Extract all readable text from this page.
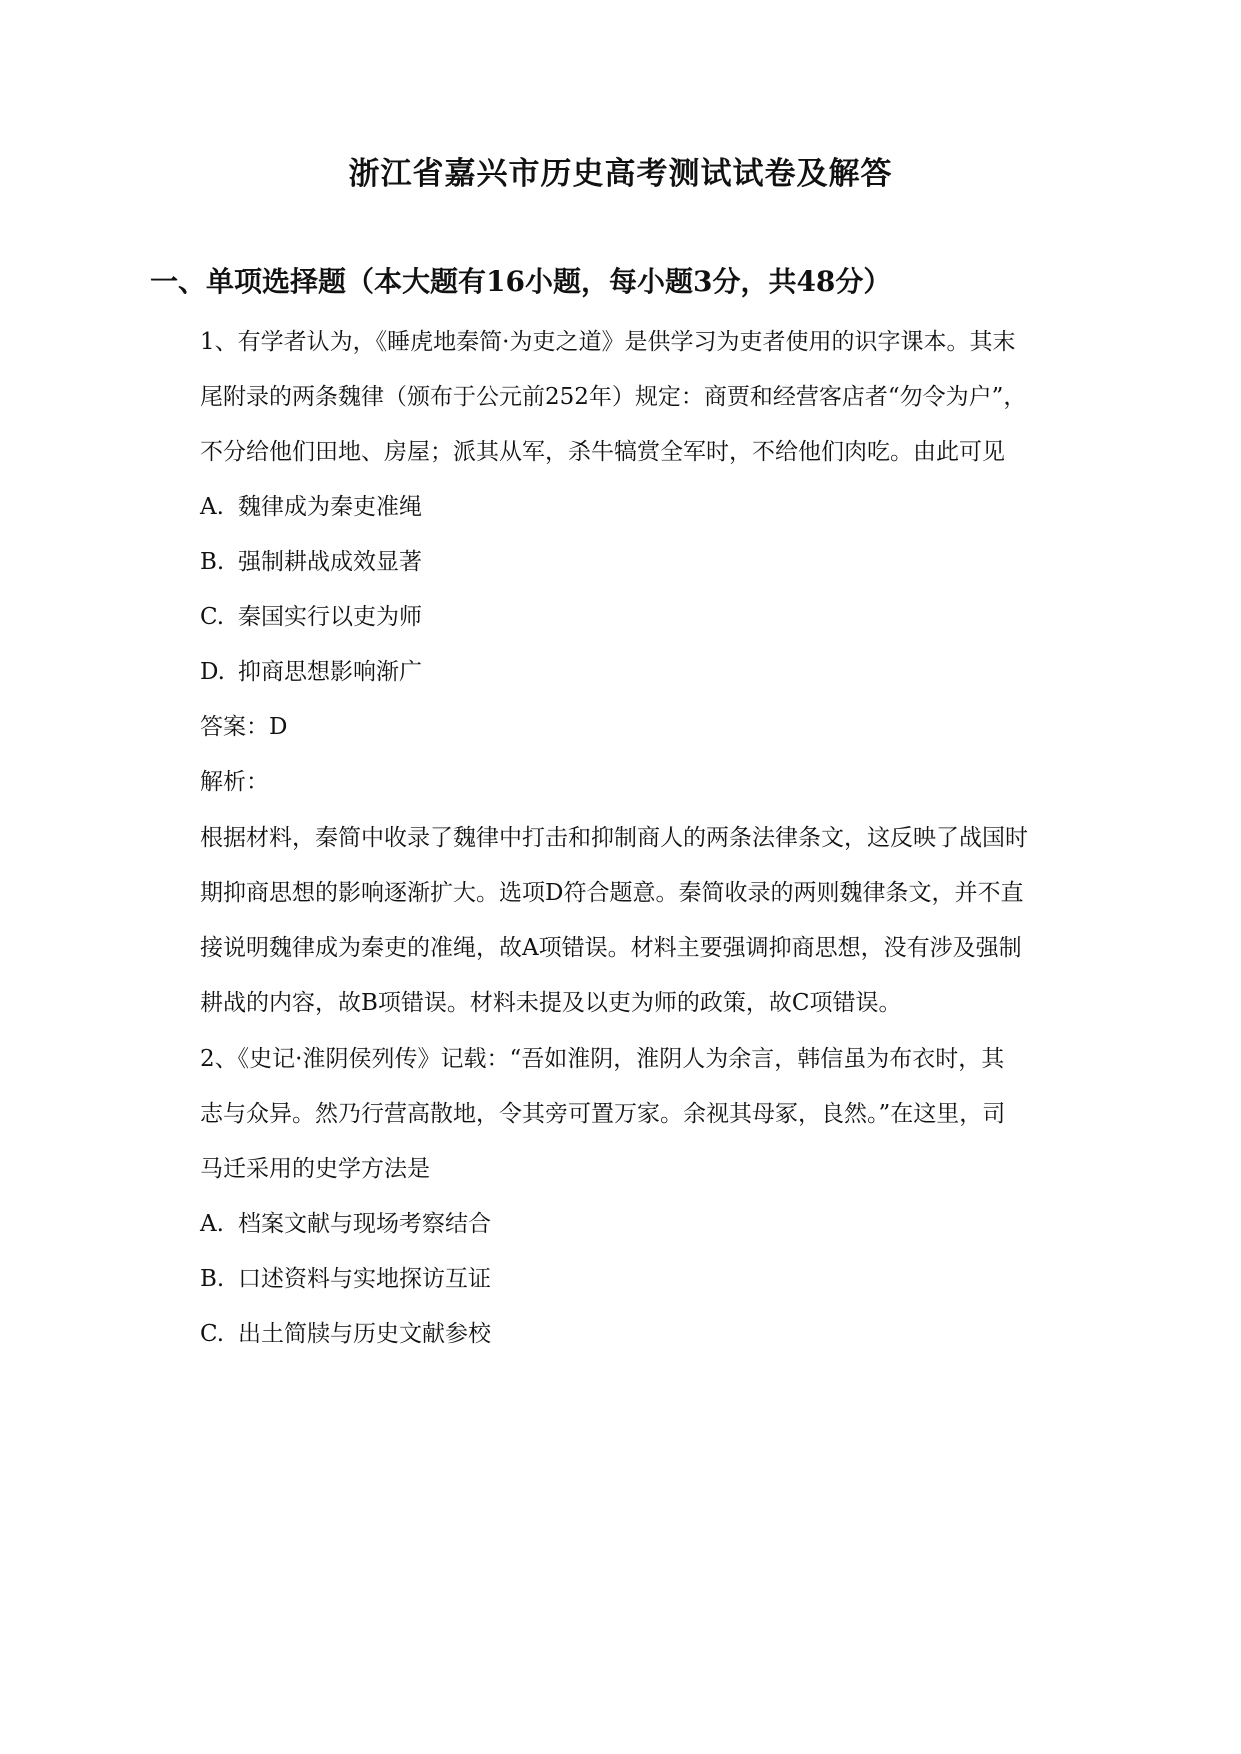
浙江省嘉兴市历史高考测试试卷及解答
一、单项选择题（本大题有16小题，每小题3分，共48分）
1、有学者认为，《睡虎地秦简·为吏之道》是供学习为吏者使用的识字课本。其末
尾附录的两条魏律（颁布于公元前252年）规定：商贾和经营客店者“勿令为户”，
不分给他们田地、房屋；派其从军，杀牛犒赏全军时，不给他们肉吃。由此可见
A. 魏律成为秦吏准绳
B. 强制耕战成效显著
C. 秦国实行以吏为师
D. 抑商思想影响渐广
答案：D
解析：
根据材料，秦简中收录了魏律中打击和抑制商人的两条法律条文，这反映了战国时
期抑商思想的影响逐渐扩大。选项D符合题意。秦简收录的两则魏律条文，并不直
接说明魏律成为秦吏的准绳，故A项错误。材料主要强调抑商思想，没有涉及强制
耕战的内容，故B项错误。材料未提及以吏为师的政策，故C项错误。
2、《史记·淮阴侯列传》记载：“吾如淮阴，淮阴人为余言，韩信虽为布衣时，其
志与众异。然乃行营高散地，令其旁可置万家。余视其母冢，良然。”在这里，司
马迁采用的史学方法是
A. 档案文献与现场考察结合
B. 口述资料与实地探访互证
C. 出土简牍与历史文献参校
